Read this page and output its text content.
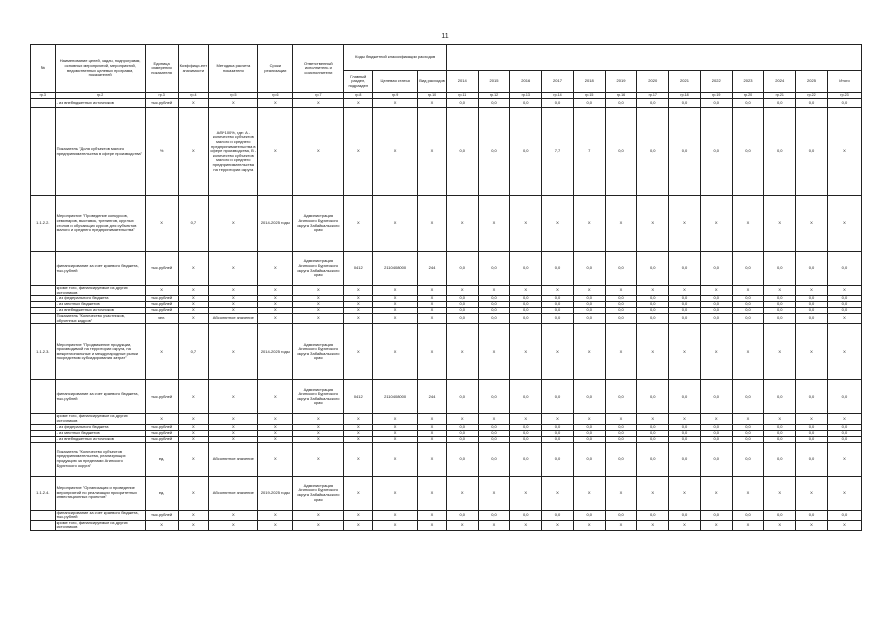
11
№	Наименование целей, задач, подпрограмм, основных мероприятий, мероприятий, ведомственных целевых программ, показателей	Единица измерения показателя	Коэффици-ент значимости	Методика расчета показателя	Сроки реализации	Ответственный исполнитель и соисполнители	Коды бюджетной классификации расходов															
							Главный раздел, подраздел	Целевая статья	Вид расходов	2014	2015	2016	2017	2018	2019	2020	2021	2022	2023	2024	2025	Итого
гр.3	гр.2	гр.3	гр.4	гр.5	гр.6	гр.7	гр.8	гр.9	гр.10	гр.11	гр.12	гр.13	гр.14	гр.15	гр.16	гр.17	гр.18	гр.19	гр.20	гр.21	гр.22	гр.23
	- из внебюджетных источников	тыс.рублей	X	X	X	X	X	X	X	0,0	0,0	0,0	0,0	0,0	0,0	0,0	0,0	0,0	0,0	0,0	0,0	0,0
	Показатель "Доля субъектов малого предпринимательства в сфере производства"	%	X	A/B*100%, где: A - количество субъектов малого и среднего предпринимательства в сфере производства, B - количество субъектов малого и среднего предпринимательства на территории округа	X	X	X	X	X	0,0	0,0	0,0	7,7	7	0,0	0,0	0,0	0,0	0,0	0,0	0,0	X
1.1.2.2.	Мероприятие "Проведение конкурсов, семинаров, выставок, тренингов, круглых столов и обучающих курсов для субъектов малого и среднего предпринимательства"	X	0,7	X	2014-2025 годы	Администрация Агинского Бурятского округа Забайкальского края	X	X	X	X	X	X	X	X	X	X	X	X	X	X	X	X
	финансирование за счет краевого бюджета, тыс.рублей	тыс.рублей	X	X	X	Администрация Агинского Бурятского округа Забайкальского края	0412	2110408000	244	0,0	0,0	0,0	0,0	0,0	0,0	0,0	0,0	0,0	0,0	0,0	0,0	0,0
	кроме того, финансируемые из других источников	X	X	X	X	X	X	X	X	X	X	X	X	X	X	X	X	X	X	X	X	X
	- из федерального бюджета	тыс.рублей	X	X	X	X	X	X	X	0,0	0,0	0,0	0,0	0,0	0,0	0,0	0,0	0,0	0,0	0,0	0,0	0,0
	- из местных бюджетов	тыс.рублей	X	X	X	X	X	X	X	0,0	0,0	0,0	0,0	0,0	0,0	0,0	0,0	0,0	0,0	0,0	0,0	0,0
	- из внебюджетных источников	тыс.рублей	X	X	X	X	X	X	X	0,0	0,0	0,0	0,0	0,0	0,0	0,0	0,0	0,0	0,0	0,0	0,0	0,0
	Показатель "Количество участников, обученных кадров"	чел.	X	Абсолютное значение	X	X	X	X	X	0,0	0,0	0,0	0,0	0,0	0,0	0,0	0,0	0,0	0,0	0,0	0,0	X
1.1.2.3.	Мероприятие "Продвижение продукции, производимой на территории округа, на межрегиональные и международные рынки посредством субсидирования затрат"	X	0,7	X	2014-2025 годы	Администрация Агинского Бурятского округа Забайкальского края	X	X	X	X	X	X	X	X	X	X	X	X	X	X	X	X
	финансирование за счет краевого бюджета, тыс.рублей	тыс.рублей	X	X	X	Администрация Агинского Бурятского округа Забайкальского края	0412	2110408000	244	0,0	0,0	0,0	0,0	0,0	0,0	0,0	0,0	0,0	0,0	0,0	0,0	0,0
	кроме того, финансируемые из других источников	X	X	X	X	X	X	X	X	X	X	X	X	X	X	X	X	X	X	X	X	X
	- из федерального бюджета	тыс.рублей	X	X	X	X	X	X	X	0,0	0,0	0,0	0,0	0,0	0,0	0,0	0,0	0,0	0,0	0,0	0,0	0,0
	- из местных бюджетов	тыс.рублей	X	X	X	X	X	X	X	0,0	0,0	0,0	0,0	0,0	0,0	0,0	0,0	0,0	0,0	0,0	0,0	0,0
	- из внебюджетных источников	тыс.рублей	X	X	X	X	X	X	X	0,0	0,0	0,0	0,0	0,0	0,0	0,0	0,0	0,0	0,0	0,0	0,0	0,0
	Показатель "Количество субъектов предпринимательства, реализующих продукцию за пределами Агинского Бурятского округа"	ед.	X	Абсолютное значение	X	X	X	X	X	0,0	0,0	0,0	0,0	0,0	0,0	0,0	0,0	0,0	0,0	0,0	0,0	X
1.1.2.4.	Мероприятие "Организация и проведение мероприятий по реализации приоритетных инвестиционных проектов"	ед.	X	Абсолютное значение	2019-2025 годы	Администрация Агинского Бурятского округа Забайкальского края	X	X	X	X	X	X	X	X	X	X	X	X	X	X	X	X
	финансирование за счет краевого бюджета, тыс.рублей	тыс.рублей	X	X	X	X	X	X	X	0,0	0,0	0,0	0,0	0,0	0,0	0,0	0,0	0,0	0,0	0,0	0,0	0,0
	кроме того, финансируемые из других источников	X	X	X	X	X	X	X	X	X	X	X	X	X	X	X	X	X	X	X	X	X
